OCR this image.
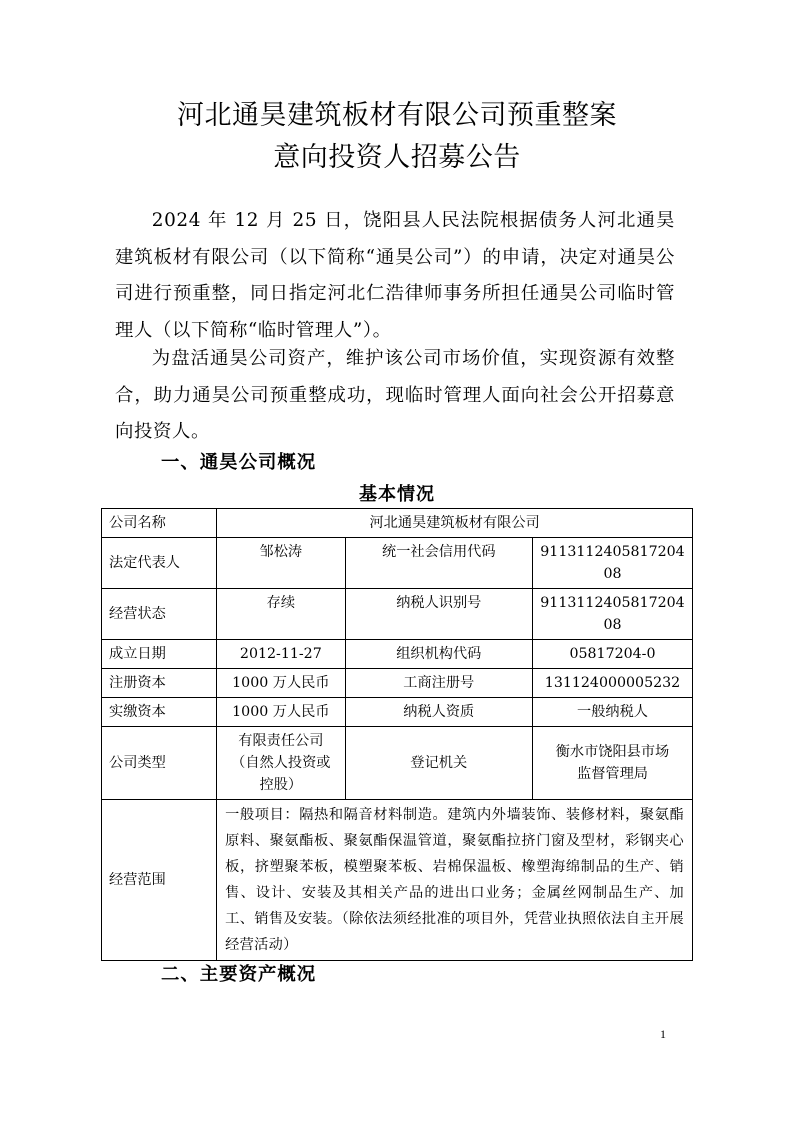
河北通昊建筑板材有限公司预重整案
意向投资人招募公告
2024 年 12 月 25 日，饶阳县人民法院根据债务人河北通昊建筑板材有限公司（以下简称“通昊公司”）的申请，决定对通昊公司进行预重整，同日指定河北仁浩律师事务所担任通昊公司临时管理人（以下简称“临时管理人”）。
为盘活通昊公司资产，维护该公司市场价值，实现资源有效整合，助力通昊公司预重整成功，现临时管理人面向社会公开招募意向投资人。
一、通昊公司概况
基本情况
公司名称	河北通昊建筑板材有限公司		
法定代表人	邹松涛	统一社会信用代码	911311240581720408
经营状态	存续	纳税人识别号	911311240581720408
成立日期	2012-11-27	组织机构代码	05817204-0
注册资本	1000 万人民币	工商注册号	131124000005232
实缴资本	1000 万人民币	纳税人资质	一般纳税人
公司类型	有限责任公司（自然人投资或控股）	登记机关	衡水市饶阳县市场监督管理局
经营范围	一般项目：隔热和隔音材料制造。建筑内外墙装饰、装修材料，聚氨酯原料、聚氨酯板、聚氨酯保温管道，聚氨酯拉挤门窗及型材，彩钢夹心板，挤塑聚苯板，模塑聚苯板、岩棉保温板、橡塑海绵制品的生产、销售、设计、安装及其相关产品的进出口业务；金属丝网制品生产、加工、销售及安装。（除依法须经批准的项目外，凭营业执照依法自主开展经营活动）		
二、主要资产概况
1
